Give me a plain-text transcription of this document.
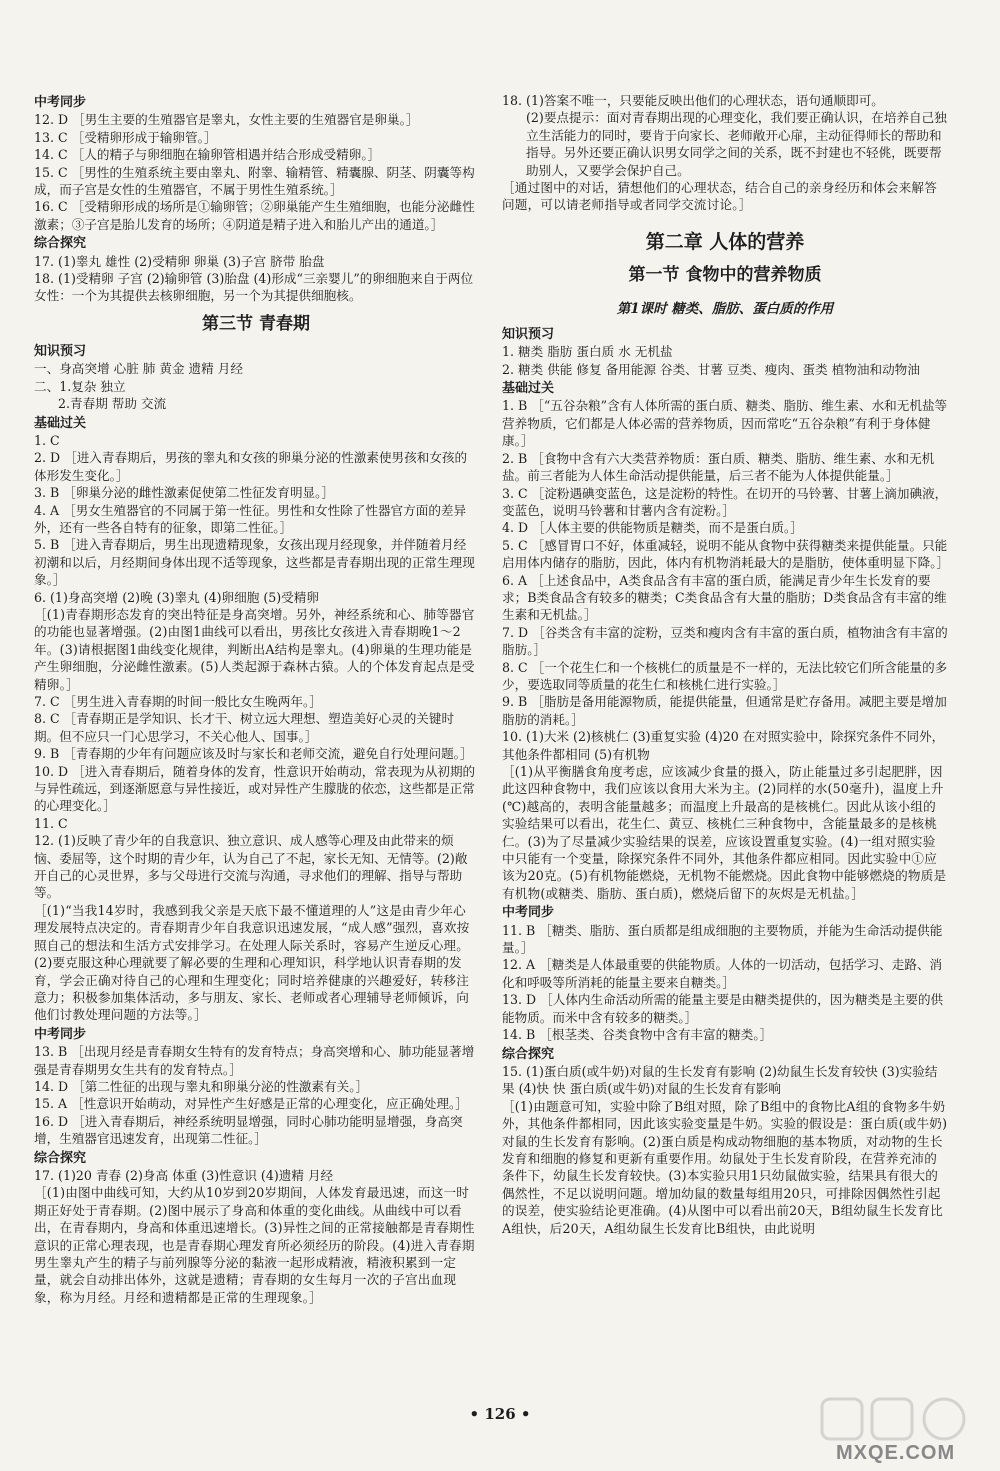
中考同步

12. D ［男生主要的生殖器官是睾丸，女性主要的生殖器官是卵巢。］

13. C ［受精卵形成于输卵管。］

14. C ［人的精子与卵细胞在输卵管相遇并结合形成受精卵。］

15. C ［男性的生殖系统主要由睾丸、附睾、输精管、精囊腺、阴茎、阴囊等构成，而子宫是女性的生殖器官，不属于男性生殖系统。］

16. C ［受精卵形成的场所是①输卵管；②卵巢能产生生殖细胞，也能分泌雌性激素；③子宫是胎儿发育的场所；④阴道是精子进入和胎儿产出的通道。］

综合探究

17. (1)睾丸 雄性 (2)受精卵 卵巢 (3)子宫 脐带 胎盘

18. (1)受精卵 子宫 (2)输卵管 (3)胎盘 (4)形成“三亲婴儿”的卵细胞来自于两位女性：一个为其提供去核卵细胞，另一个为其提供细胞核。

第三节 青春期

知识预习

一、身高突增 心脏 肺 黄金 遗精 月经

二、1.复杂 独立

2.青春期 帮助 交流

基础过关

1. C

2. D ［进入青春期后，男孩的睾丸和女孩的卵巢分泌的性激素使男孩和女孩的体形发生变化。］

3. B ［卵巢分泌的雌性激素促使第二性征发育明显。］

4. A ［男女生殖器官的不同属于第一性征。男性和女性除了性器官方面的差异外，还有一些各自特有的征象，即第二性征。］

5. B ［进入青春期后，男生出现遗精现象，女孩出现月经现象，并伴随着月经初潮和以后，月经期间身体出现不适等现象，这些都是青春期出现的正常生理现象。］

6. (1)身高突增 (2)晚 (3)睾丸 (4)卵细胞 (5)受精卵

［(1)青春期形态发育的突出特征是身高突增。另外，神经系统和心、肺等器官的功能也显著增强。(2)由图1曲线可以看出，男孩比女孩进入青春期晚1～2年。(3)请根据图1曲线变化规律，判断出A结构是睾丸。(4)卵巢的生理功能是产生卵细胞，分泌雌性激素。(5)人类起源于森林古猿。人的个体发育起点是受精卵。］

7. C ［男生进入青春期的时间一般比女生晚两年。］

8. C ［青春期正是学知识、长才干、树立远大理想、塑造美好心灵的关键时期。但不应只一门心思学习，不关心他人、国事。］

9. B ［青春期的少年有问题应该及时与家长和老师交流，避免自行处理问题。］

10. D ［进入青春期后，随着身体的发育，性意识开始萌动，常表现为从初期的与异性疏远，到逐渐愿意与异性接近，或对异性产生朦胧的依恋，这些都是正常的心理变化。］

11. C

12. (1)反映了青少年的自我意识、独立意识、成人感等心理及由此带来的烦恼、委屈等，这个时期的青少年，认为自己了不起，家长无知、无情等。(2)敞开自己的心灵世界，多与父母进行交流与沟通，寻求他们的理解、指导与帮助等。

［(1)“当我14岁时，我感到我父亲是天底下最不懂道理的人”这是由青少年心理发展特点决定的。青春期青少年自我意识迅速发展，“成人感”强烈，喜欢按照自己的想法和生活方式安排学习。在处理人际关系时，容易产生逆反心理。(2)要克服这种心理就要了解必要的生理和心理知识，科学地认识青春期的发育，学会正确对待自己的心理和生理变化；同时培养健康的兴趣爱好，转移注意力；积极参加集体活动，多与朋友、家长、老师或者心理辅导老师倾诉，向他们讨教处理问题的方法等。］

中考同步

13. B ［出现月经是青春期女生特有的发育特点；身高突增和心、肺功能显著增强是青春期男女生共有的发育特点。］

14. D ［第二性征的出现与睾丸和卵巢分泌的性激素有关。］

15. A ［性意识开始萌动，对异性产生好感是正常的心理变化，应正确处理。］

16. D ［进入青春期后，神经系统明显增强，同时心肺功能明显增强，身高突增，生殖器官迅速发育，出现第二性征。］

综合探究

17. (1)20 青春 (2)身高 体重 (3)性意识 (4)遗精 月经

［(1)由图中曲线可知，大约从10岁到20岁期间，人体发育最迅速，而这一时期正好处于青春期。(2)图中展示了身高和体重的变化曲线。从曲线中可以看出，在青春期内，身高和体重迅速增长。(3)异性之间的正常接触都是青春期性意识的正常心理表现，也是青春期心理发育所必须经历的阶段。(4)进入青春期男生睾丸产生的精子与前列腺等分泌的黏液一起形成精液，精液积累到一定量，就会自动排出体外，这就是遗精；青春期的女生每月一次的子宫出血现象，称为月经。月经和遗精都是正常的生理现象。］

18. (1)答案不唯一，只要能反映出他们的心理状态，语句通顺即可。

(2)要点提示：面对青春期出现的心理变化，我们要正确认识，在培养自己独立生活能力的同时，要肯于向家长、老师敞开心扉，主动征得师长的帮助和指导。另外还要正确认识男女同学之间的关系，既不封建也不轻佻，既要帮助别人，又要学会保护自己。

［通过图中的对话，猜想他们的心理状态，结合自己的亲身经历和体会来解答问题，可以请老师指导或者同学交流讨论。］

第二章 人体的营养

第一节 食物中的营养物质

第1课时 糖类、脂肪、蛋白质的作用

知识预习

1. 糖类 脂肪 蛋白质 水 无机盐

2. 糖类 供能 修复 备用能源 谷类、甘薯 豆类、瘦肉、蛋类 植物油和动物油

基础过关

1. B ［“五谷杂粮”含有人体所需的蛋白质、糖类、脂肪、维生素、水和无机盐等营养物质，它们都是人体必需的营养物质，因而常吃“五谷杂粮”有利于身体健康。］

2. B ［食物中含有六大类营养物质：蛋白质、糖类、脂肪、维生素、水和无机盐。前三者能为人体生命活动提供能量，后三者不能为人体提供能量。］

3. C ［淀粉遇碘变蓝色，这是淀粉的特性。在切开的马铃薯、甘薯上滴加碘液，变蓝色，说明马铃薯和甘薯内含有淀粉。］

4. D ［人体主要的供能物质是糖类，而不是蛋白质。］

5. C ［感冒胃口不好，体重减轻，说明不能从食物中获得糖类来提供能量。只能启用体内储存的脂肪，因此，体内有机物消耗最大的是脂肪，使体重明显下降。］

6. A ［上述食品中，A类食品含有丰富的蛋白质，能满足青少年生长发育的要求；B类食品含有较多的糖类；C类食品含有大量的脂肪；D类食品含有丰富的维生素和无机盐。］

7. D ［谷类含有丰富的淀粉，豆类和瘦肉含有丰富的蛋白质，植物油含有丰富的脂肪。］

8. C ［一个花生仁和一个核桃仁的质量是不一样的，无法比较它们所含能量的多少，要选取同等质量的花生仁和核桃仁进行实验。］

9. B ［脂肪是备用能源物质，能提供能量，但通常是贮存备用。减肥主要是增加脂肪的消耗。］

10. (1)大米 (2)核桃仁 (3)重复实验 (4)20 在对照实验中，除探究条件不同外，其他条件都相同 (5)有机物

［(1)从平衡膳食角度考虑，应该减少食量的摄入，防止能量过多引起肥胖，因此这四种食物中，我们应该以食用大米为主。(2)同样的水(50毫升)，温度上升(℃)越高的，表明含能量越多；而温度上升最高的是核桃仁。因此从该小组的实验结果可以看出，花生仁、黄豆、核桃仁三种食物中，含能量最多的是核桃仁。(3)为了尽量减少实验结果的误差，应该设置重复实验。(4)一组对照实验中只能有一个变量，除探究条件不同外，其他条件都应相同。因此实验中①应该为20克。(5)有机物能燃烧，无机物不能燃烧。因此食物中能够燃烧的物质是有机物(或糖类、脂肪、蛋白质)，燃烧后留下的灰烬是无机盐。］

中考同步

11. B ［糖类、脂肪、蛋白质都是组成细胞的主要物质，并能为生命活动提供能量。］

12. A ［糖类是人体最重要的供能物质。人体的一切活动，包括学习、走路、消化和呼吸等所消耗的能量主要来自糖类。］

13. D ［人体内生命活动所需的能量主要是由糖类提供的，因为糖类是主要的供能物质。而米中含有较多的糖类。］

14. B ［根茎类、谷类食物中含有丰富的糖类。］

综合探究

15. (1)蛋白质(或牛奶)对鼠的生长发育有影响 (2)幼鼠生长发育较快 (3)实验结果 (4)快 快 蛋白质(或牛奶)对鼠的生长发育有影响

［(1)由题意可知，实验中除了B组对照，除了B组中的食物比A组的食物多牛奶外，其他条件都相同，因此该实验变量是牛奶。实验的假设是：蛋白质(或牛奶)对鼠的生长发育有影响。(2)蛋白质是构成动物细胞的基本物质，对动物的生长发育和细胞的修复和更新有重要作用。幼鼠处于生长发育阶段，在营养充沛的条件下，幼鼠生长发育较快。(3)本实验只用1只幼鼠做实验，结果具有很大的偶然性，不足以说明问题。增加幼鼠的数量每组用20只，可排除因偶然性引起的误差，使实验结论更准确。(4)从图中可以看出前20天，B组幼鼠生长发育比A组快，后20天，A组幼鼠生长发育比B组快，由此说明

• 126 •
MXQE.COM
